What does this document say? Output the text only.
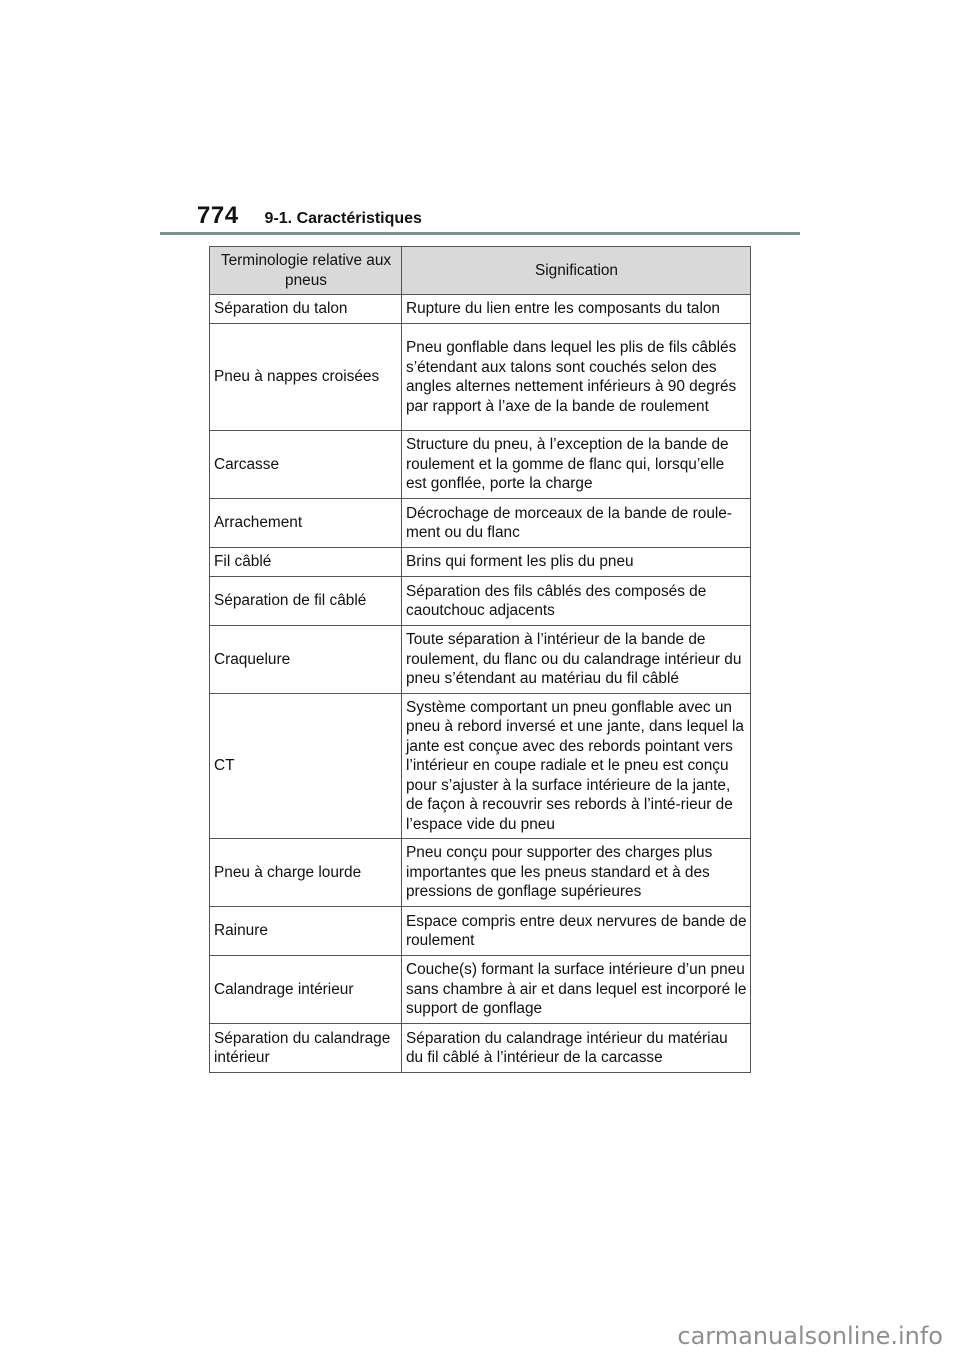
774 9-1. Caractéristiques
Terminologie relative aux pneus	Signification
Séparation du talon	Rupture du lien entre les composants du talon
Pneu à nappes croisées	Pneu gonflable dans lequel les plis de fils câblés s’étendant aux talons sont couchés selon des angles alternes nettement inférieurs à 90 degrés par rapport à l’axe de la bande de roulement
Carcasse	Structure du pneu, à l’exception de la bande de roulement et la gomme de flanc qui, lorsqu’elle est gonflée, porte la charge
Arrachement	Décrochage de morceaux de la bande de roule-ment ou du flanc
Fil câblé	Brins qui forment les plis du pneu
Séparation de fil câblé	Séparation des fils câblés des composés de caoutchouc adjacents
Craquelure	Toute séparation à l’intérieur de la bande de roulement, du flanc ou du calandrage intérieur du pneu s’étendant au matériau du fil câblé
CT	Système comportant un pneu gonflable avec un pneu à rebord inversé et une jante, dans lequel la jante est conçue avec des rebords pointant vers l’intérieur en coupe radiale et le pneu est conçu pour s’ajuster à la surface intérieure de la jante, de façon à recouvrir ses rebords à l’inté-rieur de l’espace vide du pneu
Pneu à charge lourde	Pneu conçu pour supporter des charges plus importantes que les pneus standard et à des pressions de gonflage supérieures
Rainure	Espace compris entre deux nervures de bande de roulement
Calandrage intérieur	Couche(s) formant la surface intérieure d’un pneu sans chambre à air et dans lequel est incorporé le support de gonflage
Séparation du calandrage intérieur	Séparation du calandrage intérieur du matériau du fil câblé à l’intérieur de la carcasse
carmanualsonline.info
